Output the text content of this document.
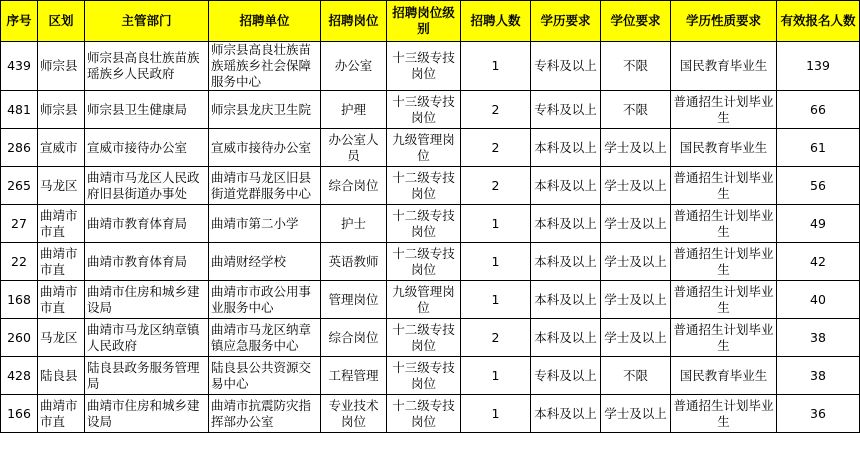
序号	区划	主管部门	招聘单位	招聘岗位	招聘岗位级别	招聘人数	学历要求	学位要求	学历性质要求	有效报名人数
439	师宗县	师宗县高良壮族苗族瑶族乡人民政府	师宗县高良壮族苗族瑶族乡社会保障服务中心	办公室	十三级专技岗位	1	专科及以上	不限	国民教育毕业生	139
481	师宗县	师宗县卫生健康局	师宗县龙庆卫生院	护理	十三级专技岗位	2	专科及以上	不限	普通招生计划毕业生	66
286	宣威市	宣威市接待办公室	宣威市接待办公室	办公室人员	九级管理岗位	2	本科及以上	学士及以上	国民教育毕业生	61
265	马龙区	曲靖市马龙区人民政府旧县街道办事处	曲靖市马龙区旧县街道党群服务中心	综合岗位	十二级专技岗位	2	本科及以上	学士及以上	普通招生计划毕业生	56
27	曲靖市市直	曲靖市教育体育局	曲靖市第二小学	护士	十二级专技岗位	1	本科及以上	学士及以上	普通招生计划毕业生	49
22	曲靖市市直	曲靖市教育体育局	曲靖财经学校	英语教师	十二级专技岗位	1	本科及以上	学士及以上	普通招生计划毕业生	42
168	曲靖市市直	曲靖市住房和城乡建设局	曲靖市市政公用事业服务中心	管理岗位	九级管理岗位	1	本科及以上	学士及以上	普通招生计划毕业生	40
260	马龙区	曲靖市马龙区纳章镇人民政府	曲靖市马龙区纳章镇应急服务中心	综合岗位	十二级专技岗位	2	本科及以上	学士及以上	普通招生计划毕业生	38
428	陆良县	陆良县政务服务管理局	陆良县公共资源交易中心	工程管理	十三级专技岗位	1	专科及以上	不限	国民教育毕业生	38
166	曲靖市市直	曲靖市住房和城乡建设局	曲靖市抗震防灾指挥部办公室	专业技术岗位	十二级专技岗位	1	本科及以上	学士及以上	普通招生计划毕业生	36
